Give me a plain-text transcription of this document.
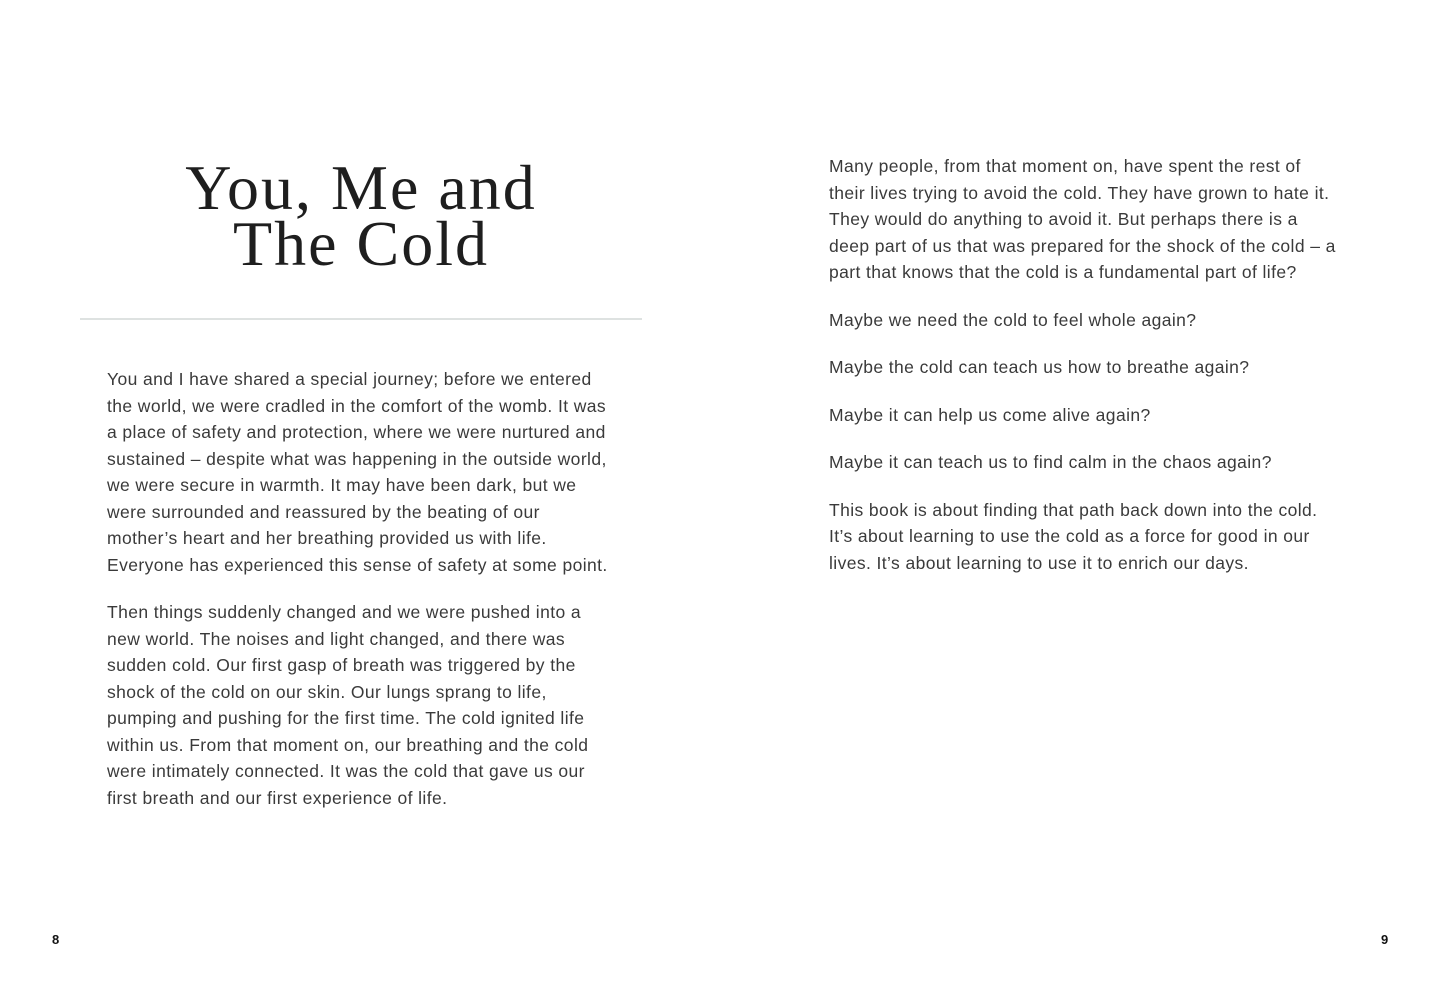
You, Me and
The Cold

You and I have shared a special journey; before we entered the world, we were cradled in the comfort of the womb. It was a place of safety and protection, where we were nurtured and sustained – despite what was happening in the outside world, we were secure in warmth. It may have been dark, but we were surrounded and reassured by the beating of our mother’s heart and her breathing provided us with life. Everyone has experienced this sense of safety at some point.

Then things suddenly changed and we were pushed into a new world. The noises and light changed, and there was sudden cold. Our first gasp of breath was triggered by the shock of the cold on our skin. Our lungs sprang to life, pumping and pushing for the first time. The cold ignited life within us. From that moment on, our breathing and the cold were intimately connected. It was the cold that gave us our first breath and our first experience of life.

8

Many people, from that moment on, have spent the rest of their lives trying to avoid the cold. They have grown to hate it. They would do anything to avoid it. But perhaps there is a deep part of us that was prepared for the shock of the cold – a part that knows that the cold is a fundamental part of life?

Maybe we need the cold to feel whole again?

Maybe the cold can teach us how to breathe again?

Maybe it can help us come alive again?

Maybe it can teach us to find calm in the chaos again?

This book is about finding that path back down into the cold. It’s about learning to use the cold as a force for good in our lives. It’s about learning to use it to enrich our days.

9
